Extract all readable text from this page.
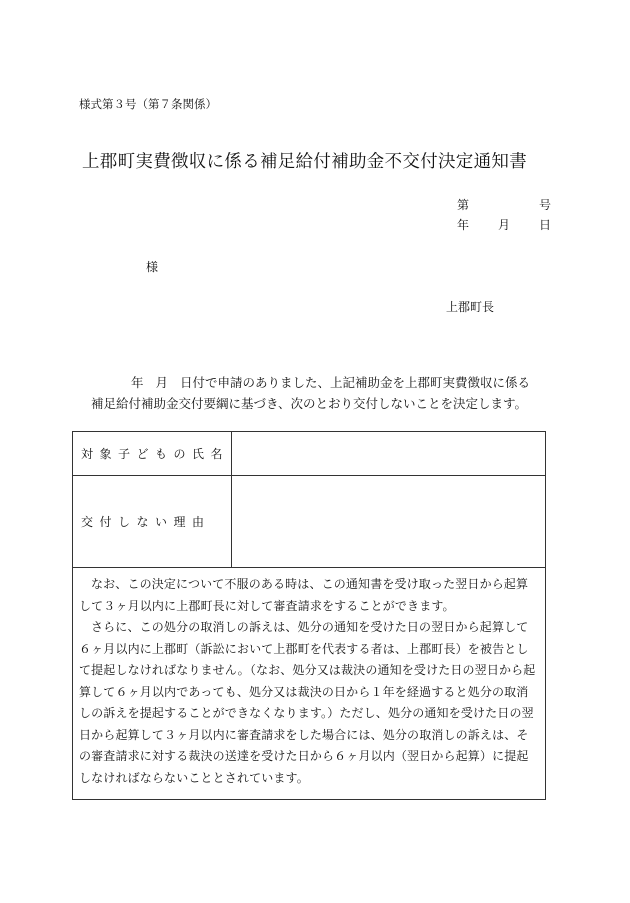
様式第３号（第７条関係）
上郡町実費徴収に係る補足給付補助金不交付決定通知書
第	号
年 月 日
様
上郡町長
年 月 日付で申請のありました、上記補助金を上郡町実費徴収に係る
補足給付補助金交付要綱に基づき、次のとおり交付しないことを決定します。
対象子どもの氏名	
交付しない理由	

なお、この決定について不服のある時は、この通知書を受け取った翌日から起算して３ヶ月以内に上郡町長に対して審査請求をすることができます。

さらに、この処分の取消しの訴えは、処分の通知を受けた日の翌日から起算して６ヶ月以内に上郡町（訴訟において上郡町を代表する者は、上郡町長）を被告として提起しなければなりません。（なお、処分又は裁決の通知を受けた日の翌日から起算して６ヶ月以内であっても、処分又は裁決の日から１年を経過すると処分の取消しの訴えを提起することができなくなります。）ただし、処分の通知を受けた日の翌日から起算して３ヶ月以内に審査請求をした場合には、処分の取消しの訴えは、その審査請求に対する裁決の送達を受けた日から６ヶ月以内（翌日から起算）に提起しなければならないこととされています。	
